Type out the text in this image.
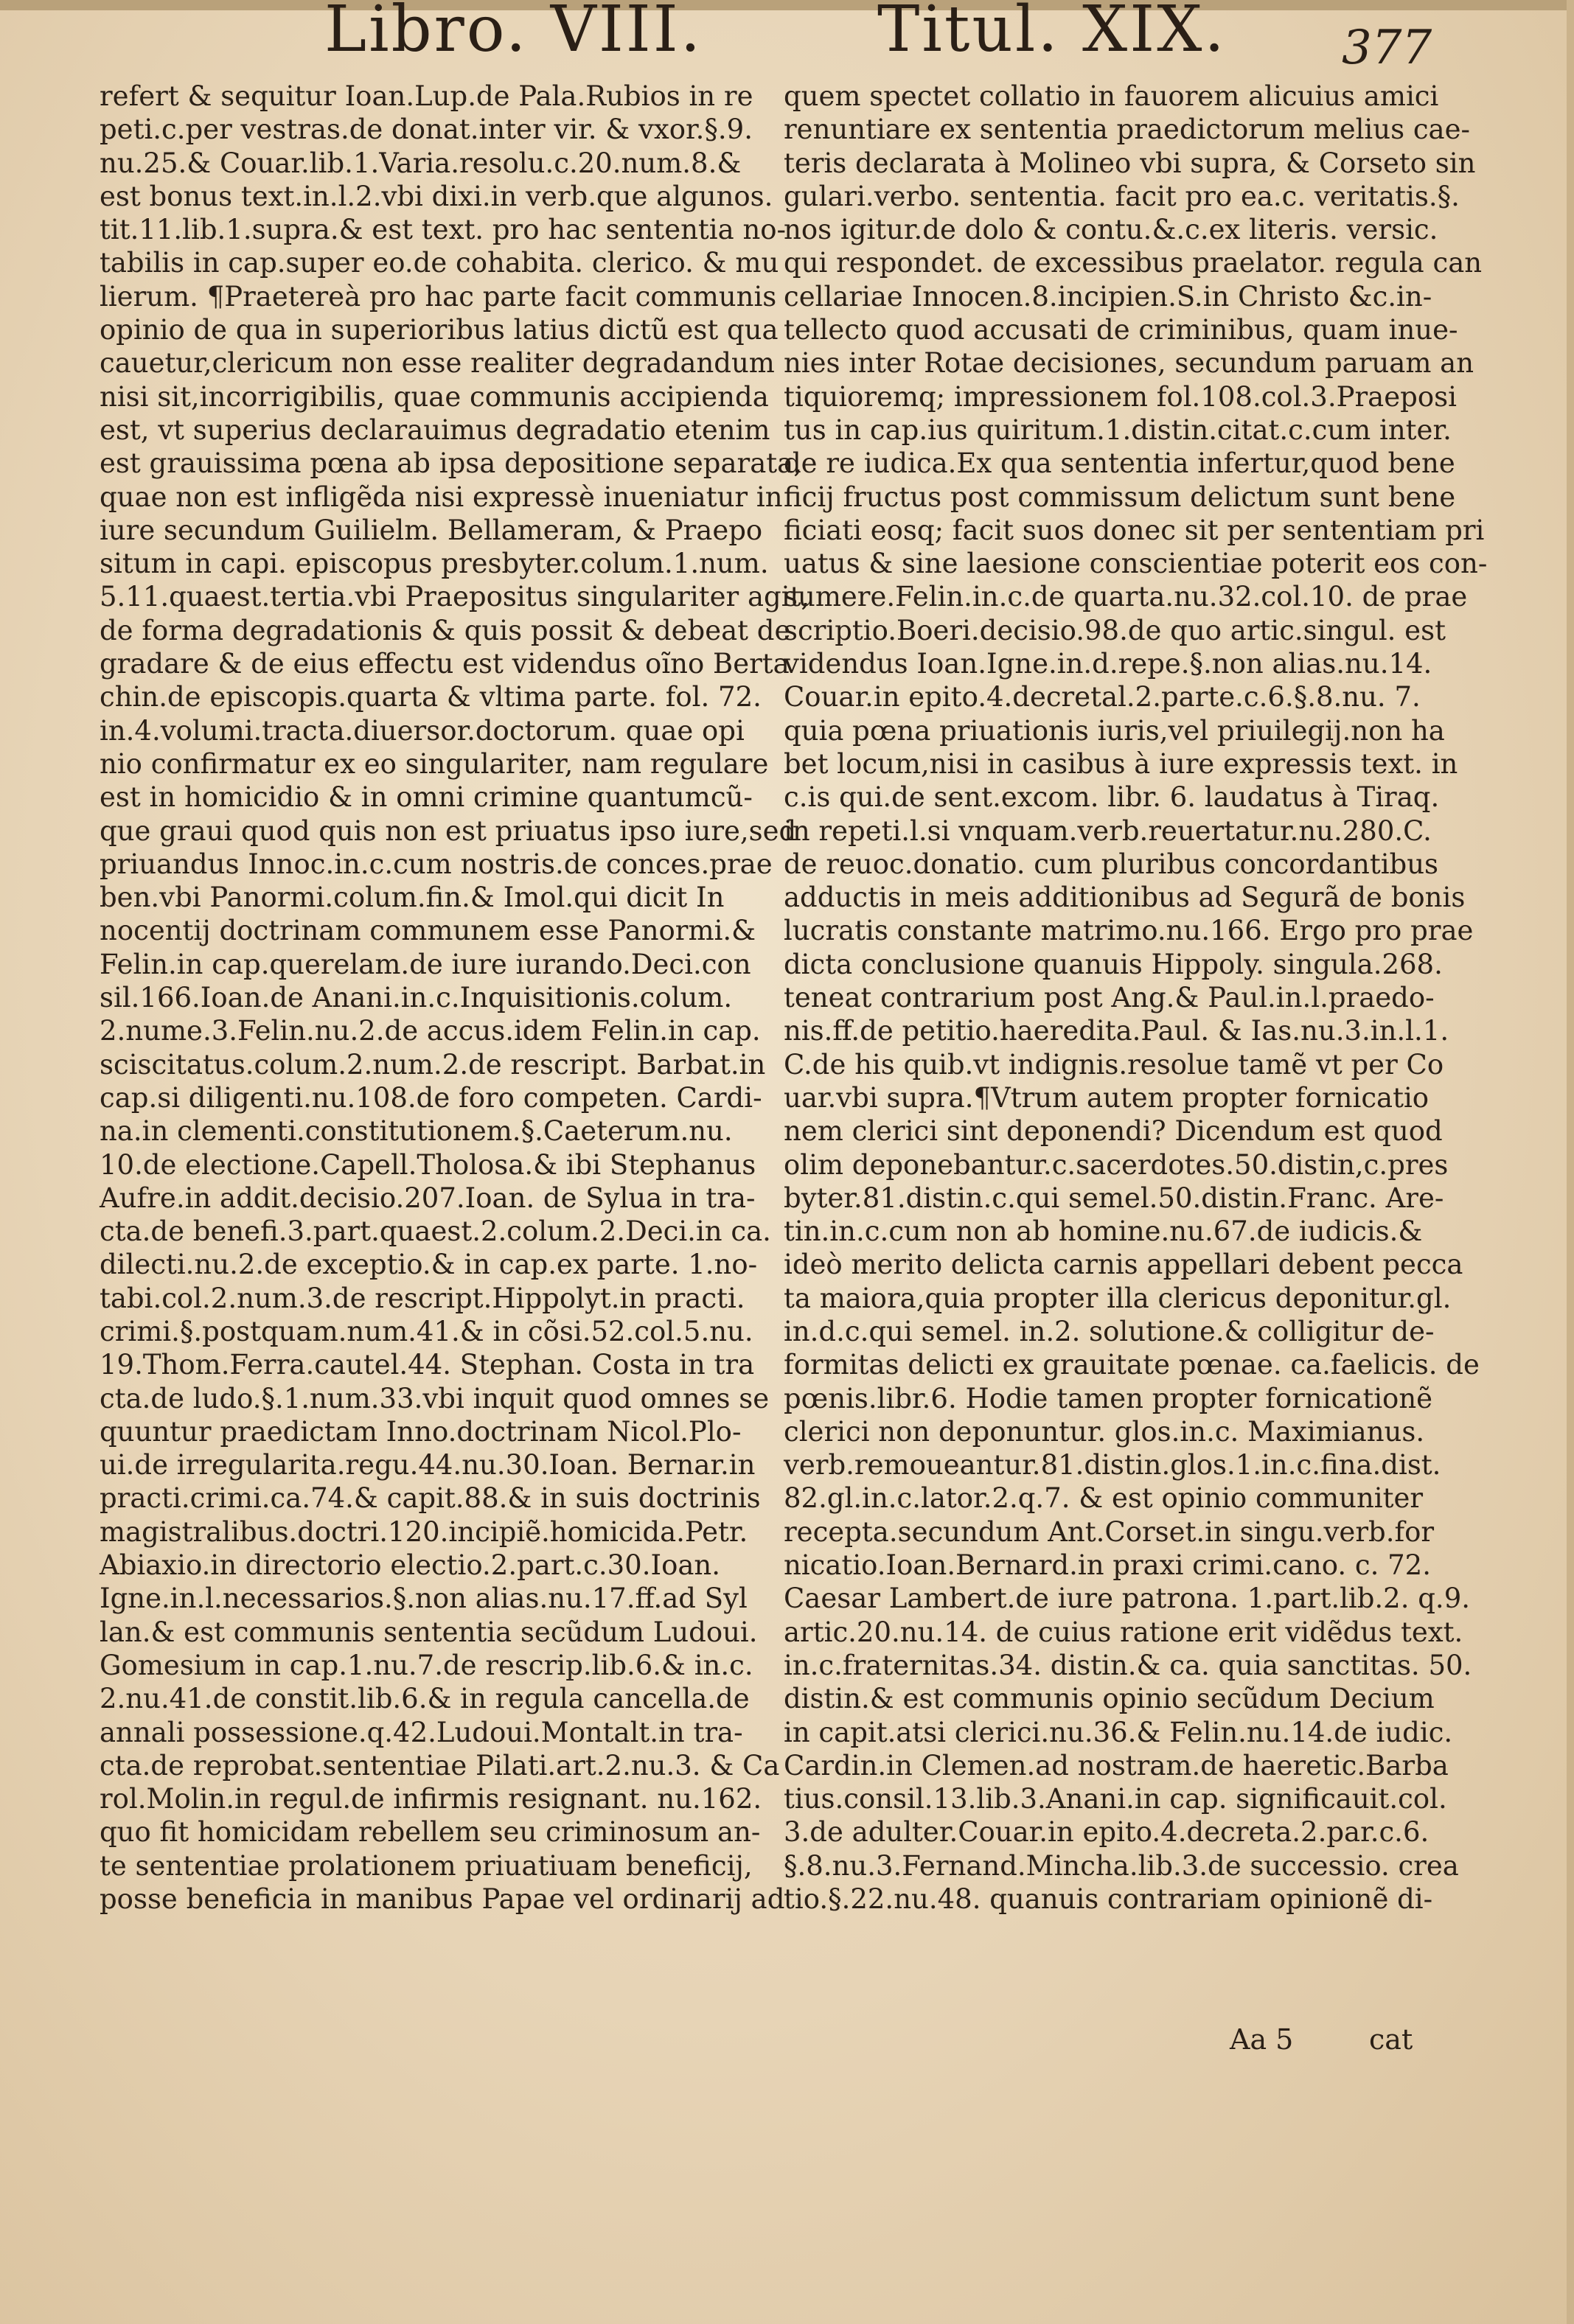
Libro. VIII.	Titul. XIX. 377
refert & sequitur Ioan.Lup.de Pala.Rubios in re
peti.c.per vestras.de donat.inter vir. & vxor.§.9.
nu.25.& Couar.lib.1.Varia.resolu.c.20.num.8.&
est bonus text.in.l.2.vbi dixi.in verb.que algunos.
tit.11.lib.1.supra.& est text. pro hac sententia no-
tabilis in cap.super eo.de cohabita. clerico. & mu
lierum. ¶Praetereà pro hac parte facit communis
opinio de qua in superioribus latius dictũ est qua
cauetur,clericum non esse realiter degradandum
nisi sit,incorrigibilis, quae communis accipienda
est, vt superius declarauimus degradatio etenim
est grauissima pœna ab ipsa depositione separata,
quae non est infligẽda nisi expressè inueniatur in
iure secundum Guilielm. Bellameram, & Praepo
situm in capi. episcopus presbyter.colum.1.num.
5.11.quaest.tertia.vbi Praepositus singulariter agit,
de forma degradationis & quis possit & debeat de
gradare & de eius effectu est videndus oĩno Berta
chin.de episcopis.quarta & vltima parte. fol. 72.
in.4.volumi.tracta.diuersor.doctorum. quae opi
nio confirmatur ex eo singulariter, nam regulare
est in homicidio & in omni crimine quantumcũ-
que graui quod quis non est priuatus ipso iure,sed
priuandus Innoc.in.c.cum nostris.de conces.prae
ben.vbi Panormi.colum.fin.& Imol.qui dicit In
nocentij doctrinam communem esse Panormi.&
Felin.in cap.querelam.de iure iurando.Deci.con
sil.166.Ioan.de Anani.in.c.Inquisitionis.colum.
2.nume.3.Felin.nu.2.de accus.idem Felin.in cap.
sciscitatus.colum.2.num.2.de rescript. Barbat.in
cap.si diligenti.nu.108.de foro competen. Cardi-
na.in clementi.constitutionem.§.Caeterum.nu.
10.de electione.Capell.Tholosa.& ibi Stephanus
Aufre.in addit.decisio.207.Ioan. de Sylua in tra-
cta.de benefi.3.part.quaest.2.colum.2.Deci.in ca.
dilecti.nu.2.de exceptio.& in cap.ex parte. 1.no-
tabi.col.2.num.3.de rescript.Hippolyt.in practi.
crimi.§.postquam.num.41.& in cõsi.52.col.5.nu.
19.Thom.Ferra.cautel.44. Stephan. Costa in tra
cta.de ludo.§.1.num.33.vbi inquit quod omnes se
quuntur praedictam Inno.doctrinam Nicol.Plo-
ui.de irregularita.regu.44.nu.30.Ioan. Bernar.in
practi.crimi.ca.74.& capit.88.& in suis doctrinis
magistralibus.doctri.120.incipiẽ.homicida.Petr.
Abiaxio.in directorio electio.2.part.c.30.Ioan.
Igne.in.l.necessarios.§.non alias.nu.17.ff.ad Syl
lan.& est communis sententia secũdum Ludoui.
Gomesium in cap.1.nu.7.de rescrip.lib.6.& in.c.
2.nu.41.de constit.lib.6.& in regula cancella.de
annali possessione.q.42.Ludoui.Montalt.in tra-
cta.de reprobat.sententiae Pilati.art.2.nu.3. & Ca
rol.Molin.in regul.de infirmis resignant. nu.162.
quo fit homicidam rebellem seu criminosum an-
te sententiae prolationem priuatiuam beneficij,
posse beneficia in manibus Papae vel ordinarij ad
quem spectet collatio in fauorem alicuius amici
renuntiare ex sententia praedictorum melius cae-
teris declarata à Molineo vbi supra, & Corseto sin
gulari.verbo. sententia. facit pro ea.c. veritatis.§.
nos igitur.de dolo & contu.&.c.ex literis. versic.
qui respondet. de excessibus praelator. regula can
cellariae Innocen.8.incipien.S.in Christo &c.in-
tellecto quod accusati de criminibus, quam inue-
nies inter Rotae decisiones, secundum paruam an
tiquioremq; impressionem fol.108.col.3.Praeposi
tus in cap.ius quiritum.1.distin.citat.c.cum inter.
de re iudica.Ex qua sententia infertur,quod bene
ficij fructus post commissum delictum sunt bene
ficiati eosq; facit suos donec sit per sententiam pri
uatus & sine laesione conscientiae poterit eos con-
sumere.Felin.in.c.de quarta.nu.32.col.10. de prae
scriptio.Boeri.decisio.98.de quo artic.singul. est
videndus Ioan.Igne.in.d.repe.§.non alias.nu.14.
Couar.in epito.4.decretal.2.parte.c.6.§.8.nu. 7.
quia pœna priuationis iuris,vel priuilegij.non ha
bet locum,nisi in casibus à iure expressis text. in
c.is qui.de sent.excom. libr. 6. laudatus à Tiraq.
in repeti.l.si vnquam.verb.reuertatur.nu.280.C.
de reuoc.donatio. cum pluribus concordantibus
adductis in meis additionibus ad Segurã de bonis
lucratis constante matrimo.nu.166. Ergo pro prae
dicta conclusione quanuis Hippoly. singula.268.
teneat contrarium post Ang.& Paul.in.l.praedo-
nis.ff.de petitio.haeredita.Paul. & Ias.nu.3.in.l.1.
C.de his quib.vt indignis.resolue tamẽ vt per Co
uar.vbi supra.¶Vtrum autem propter fornicatio
nem clerici sint deponendi? Dicendum est quod
olim deponebantur.c.sacerdotes.50.distin,c.pres
byter.81.distin.c.qui semel.50.distin.Franc. Are-
tin.in.c.cum non ab homine.nu.67.de iudicis.&
ideò merito delicta carnis appellari debent pecca
ta maiora,quia propter illa clericus deponitur.gl.
in.d.c.qui semel. in.2. solutione.& colligitur de-
formitas delicti ex grauitate pœnae. ca.faelicis. de
pœnis.libr.6. Hodie tamen propter fornicationẽ
clerici non deponuntur. glos.in.c. Maximianus.
verb.remoueantur.81.distin.glos.1.in.c.fina.dist.
82.gl.in.c.lator.2.q.7. & est opinio communiter
recepta.secundum Ant.Corset.in singu.verb.for
nicatio.Ioan.Bernard.in praxi crimi.cano. c. 72.
Caesar Lambert.de iure patrona. 1.part.lib.2. q.9.
artic.20.nu.14. de cuius ratione erit vidẽdus text.
in.c.fraternitas.34. distin.& ca. quia sanctitas. 50.
distin.& est communis opinio secũdum Decium
in capit.atsi clerici.nu.36.& Felin.nu.14.de iudic.
Cardin.in Clemen.ad nostram.de haeretic.Barba
tius.consil.13.lib.3.Anani.in cap. significauit.col.
3.de adulter.Couar.in epito.4.decreta.2.par.c.6.
§.8.nu.3.Fernand.Mincha.lib.3.de successio. crea
tio.§.22.nu.48. quanuis contrariam opinionẽ di-
Aa 5	cat
